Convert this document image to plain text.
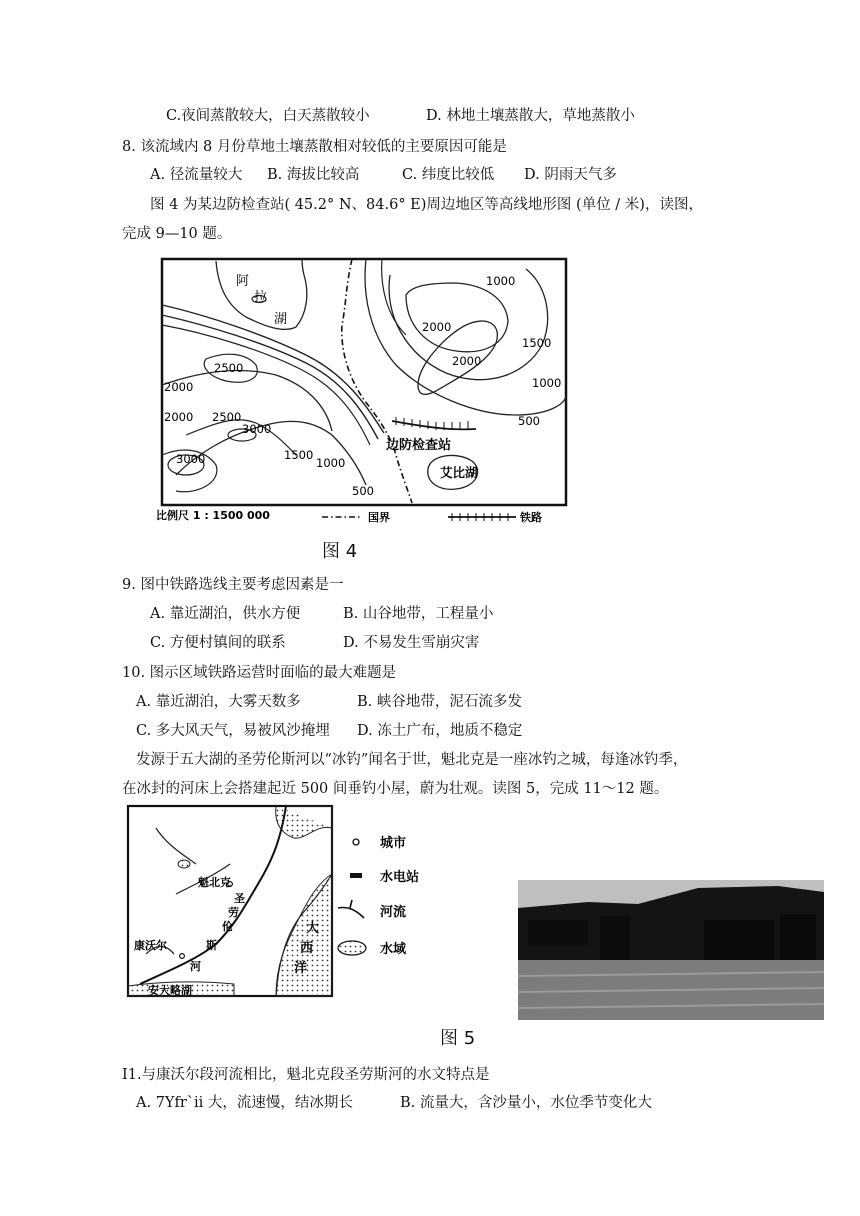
C.夜间蒸散较大，白天蒸散较小	D. 林地土壤蒸散大，草地蒸散小
8. 该流域内 8 月份草地土壤蒸散相对较低的主要原因可能是
A. 径流量较大 B. 海拔比较高	C. 纬度比较低 D. 阴雨天气多
图 4 为某边防检查站( 45.2° N、84.6° E)周边地区等高线地形图 (单位 / 米)，读图，
完成 9—10 题。
阿
拉
湖
1000
2000
2000
1500
1000
500
2500
2000
2000 2500
3000
3000	1500
1000
500
边防检查站
艾比湖
比例尺 1 : 1500 000	国界	铁路
图 4
9. 图中铁路选线主要考虑因素是一
A. 靠近湖泊，供水方便	B. 山谷地带，工程量小
C. 方便村镇间的联系	D. 不易发生雪崩灾害
10. 图示区域铁路运营时面临的最大难题是
A. 靠近湖泊，大雾天数多	B. 峡谷地带，泥石流多发
C. 多大风天气，易被风沙掩埋 D. 冻土广布，地质不稳定
发源于五大湖的圣劳伦斯河以“冰钓”闻名于世，魁北克是一座冰钓之城，每逢冰钓季，
在冰封的河床上会搭建起近 500 间垂钓小屋，蔚为壮观。读图 5，完成 11～12 题。
魁北克
圣
劳
伦
斯
河
康沃尔
安大略湖
大
西
洋
城市
水电站
河流
水域
图 5
I1.与康沃尔段河流相比，魁北克段圣劳斯河的水文特点是
A. 7Yfr`ii 大，流速慢，结冰期长	B. 流量大，含沙量小，水位季节变化大
